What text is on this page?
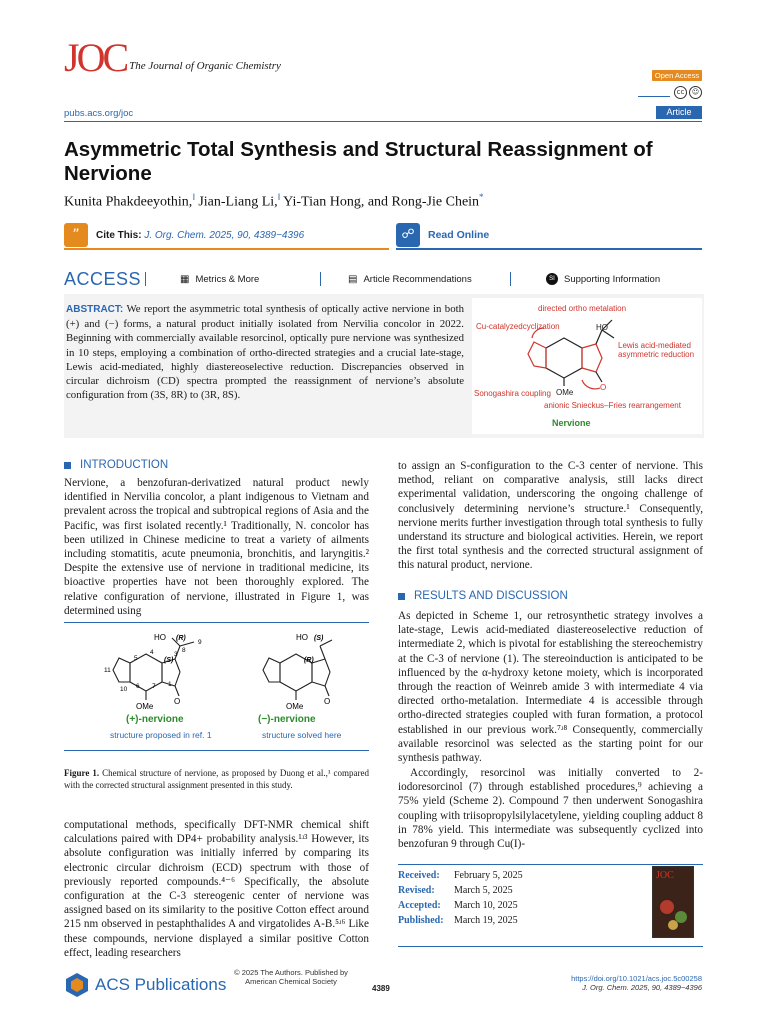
JOC The Journal of Organic Chemistry
Open Access
cc	☺
pubs.acs.org/joc	Article
Asymmetric Total Synthesis and Structural Reassignment of Nervione
Kunita Phakdeeyothin,‖ Jian-Liang Li,‖ Yi-Tian Hong, and Rong-Jie Chein*
”	Cite This: J. Org. Chem. 2025, 90, 4389−4396	☍	Read Online
ACCESS	▦ Metrics & More	▤ Article Recommendations	SI Supporting Information

ABSTRACT: We report the asymmetric total synthesis of optically active nervione in both (+) and (−) forms, a natural product initially isolated from Nervilia concolor in 2022. Beginning with commercially available resorcinol, optically pure nervione was synthesized in 10 steps, employing a combination of ortho-directed strategies and a crucial late-stage, Lewis acid-mediated, highly diastereoselective reduction. Discrepancies observed in circular dichroism (CD) spectra prompted the reassignment of nervione’s absolute configuration from (3S, 8R) to (3R, 8S).

directed ortho metalation
Cu-catalyzedcyclization
Lewis acid-mediated
asymmetric reduction
Sonogashira coupling
anionic Snieckus–Fries rearrangement
Nervione
HO
OMe
O
INTRODUCTION

Nervione, a benzofuran-derivatized natural product newly identified in Nervilia concolor, a plant indigenous to Vietnam and prevalent across the tropical and subtropical regions of Asia and the Pacific, was first isolated recently.¹ Traditionally, N. concolor has been utilized in Chinese medicine to treat a variety of ailments including stomatitis, acute pneumonia, bronchitis, and laryngitis.² Despite the extensive use of nervione in traditional medicine, its bioactive properties have not been thoroughly explored. The relative configuration of nervione, illustrated in Figure 1, was determined using

HO (R)
(S)
9
8
4	3
5
11
6 7
10
1
O
OMe
(+)-nervione
structure proposed in ref. 1
HO (S)
(R)
O
OMe
(−)-nervione
structure solved here

Figure 1. Chemical structure of nervione, as proposed by Duong et al.,¹ compared with the corrected structural assignment presented in this study.

computational methods, specifically DFT-NMR chemical shift calculations paired with DP4+ probability analysis.¹ʴ³ However, its absolute configuration was initially inferred by comparing its electronic circular dichroism (ECD) spectrum with those of previously reported compounds.⁴⁻⁶ Specifically, the absolute configuration at the C-3 stereogenic center of nervione was assigned based on its similarity to the positive Cotton effect around 215 nm observed in pestaphthalides A and virgatolides A-B.⁵ʴ⁶ Like these compounds, nervione displayed a similar positive Cotton effect, leading researchers

to assign an S-configuration to the C-3 center of nervione. This method, reliant on comparative analysis, still lacks direct experimental validation, underscoring the ongoing challenge of conclusively determining nervione’s structure.¹ Consequently, nervione merits further investigation through total synthesis to fully understand its structure and biological activities. Herein, we report the first total synthesis and the corrected structural assignment of this natural product, nervione.

RESULTS AND DISCUSSION

As depicted in Scheme 1, our retrosynthetic strategy involves a late-stage, Lewis acid-mediated diastereoselective reduction of intermediate 2, which is pivotal for establishing the stereochemistry at the C-3 of nervione (1). The stereoinduction is anticipated to be influenced by the α-hydroxy ketone moiety, which is incorporated through the reaction of Weinreb amide 3 with intermediate 4 via directed ortho-metalation. Intermediate 4 is accessible through ortho-directed strategies coupled with furan formation, a protocol established in our previous work.⁷ʴ⁸ Consequently, commercially available resorcinol was selected as the starting point for our synthesis pathway.

Accordingly, resorcinol was initially converted to 2-iodoresorcinol (7) through established procedures,⁹ achieving a 75% yield (Scheme 2). Compound 7 then underwent Sonogashira coupling with triisopropylsilylacetylene, yielding coupling adduct 8 in 78% yield. This intermediate was subsequently cyclized into benzofuran 9 through Cu(I)-

Received: February 5, 2025
Revised: March 5, 2025
Accepted: March 10, 2025
Published: March 19, 2025
JOC
ACS Publications
© 2025 The Authors. Published by
American Chemical Society
4389
https://doi.org/10.1021/acs.joc.5c00258
J. Org. Chem. 2025, 90, 4389−4396
